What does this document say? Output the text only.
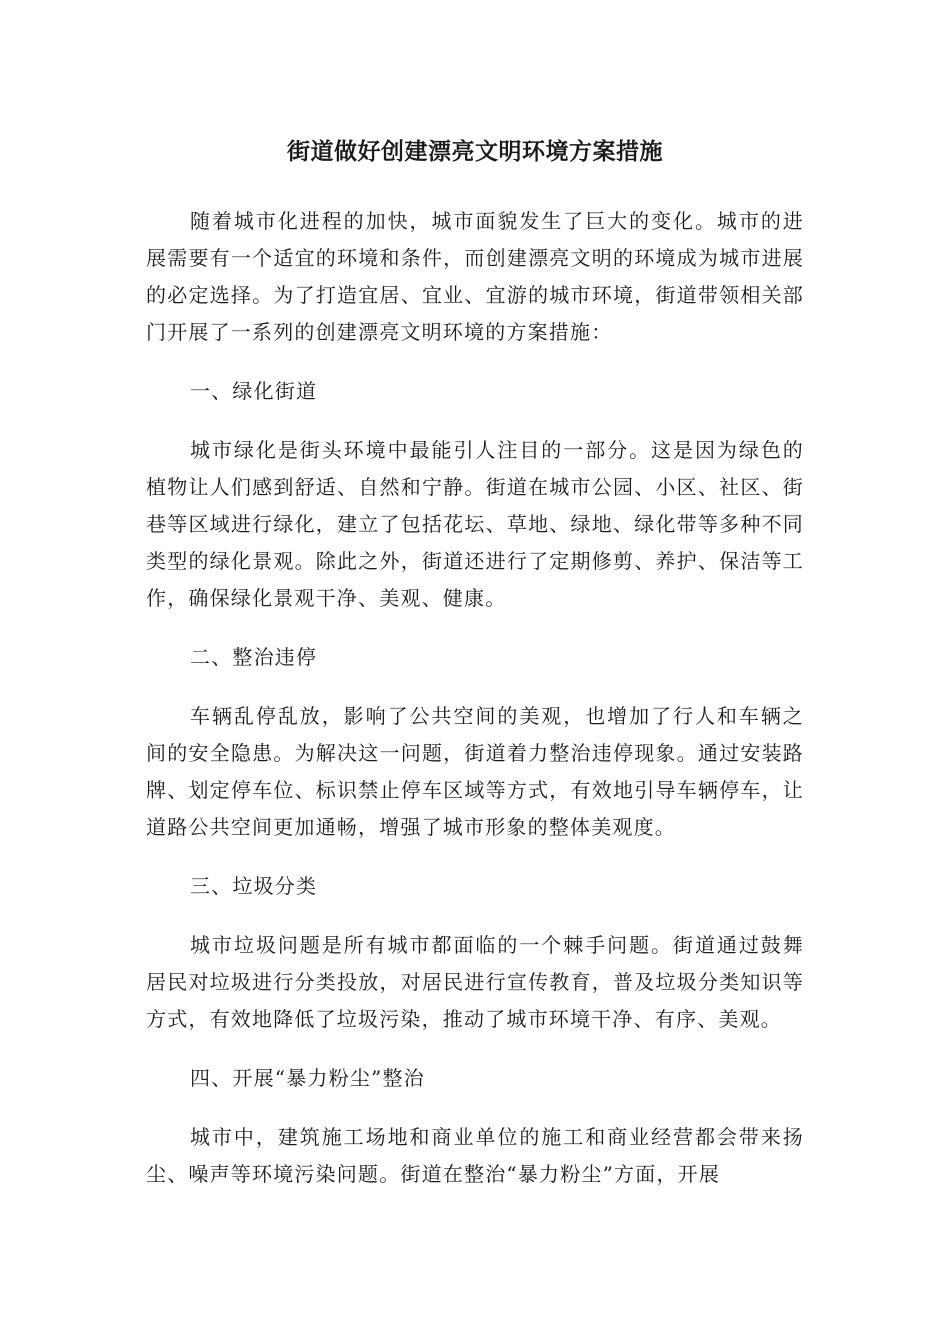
街道做好创建漂亮文明环境方案措施

随着城市化进程的加快，城市面貌发生了巨大的变化。城市的进展需要有一个适宜的环境和条件，而创建漂亮文明的环境成为城市进展的必定选择。为了打造宜居、宜业、宜游的城市环境，街道带领相关部门开展了一系列的创建漂亮文明环境的方案措施：

一、绿化街道

城市绿化是街头环境中最能引人注目的一部分。这是因为绿色的植物让人们感到舒适、自然和宁静。街道在城市公园、小区、社区、街巷等区域进行绿化，建立了包括花坛、草地、绿地、绿化带等多种不同类型的绿化景观。除此之外，街道还进行了定期修剪、养护、保洁等工作，确保绿化景观干净、美观、健康。

二、整治违停

车辆乱停乱放，影响了公共空间的美观，也增加了行人和车辆之间的安全隐患。为解决这一问题，街道着力整治违停现象。通过安装路牌、划定停车位、标识禁止停车区域等方式，有效地引导车辆停车，让道路公共空间更加通畅，增强了城市形象的整体美观度。

三、垃圾分类

城市垃圾问题是所有城市都面临的一个棘手问题。街道通过鼓舞居民对垃圾进行分类投放，对居民进行宣传教育，普及垃圾分类知识等方式，有效地降低了垃圾污染，推动了城市环境干净、有序、美观。

四、开展“暴力粉尘”整治

城市中，建筑施工场地和商业单位的施工和商业经营都会带来扬尘、噪声等环境污染问题。街道在整治“暴力粉尘”方面，开展
